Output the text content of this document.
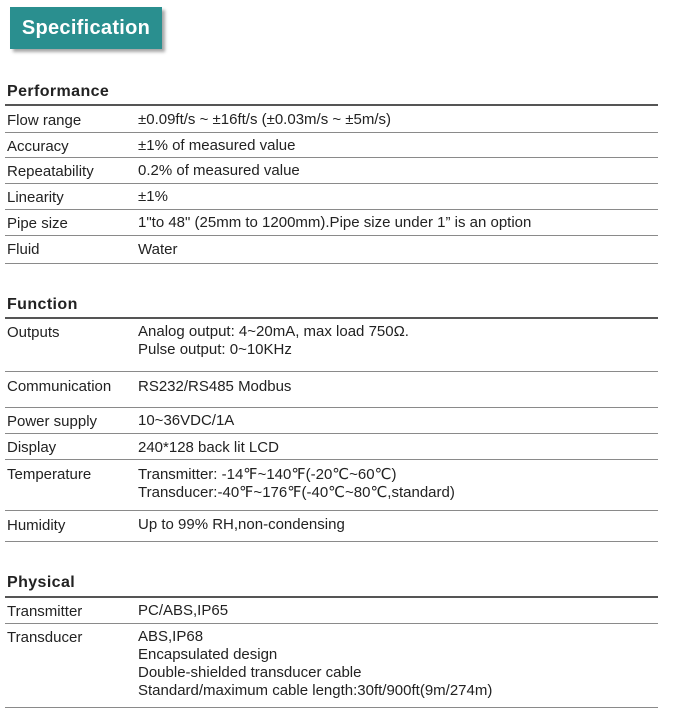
Specification
Performance
Flow range	±0.09ft/s ~ ±16ft/s (±0.03m/s ~ ±5m/s)
Accuracy	±1% of measured value
Repeatability	0.2% of measured value
Linearity	±1%
Pipe size	1"to 48" (25mm to 1200mm).Pipe size under 1” is an option
Fluid	Water
Function
Outputs	Analog output: 4~20mA, max load 750Ω.
Pulse output: 0~10KHz
Communication RS232/RS485 Modbus
Power supply	10~36VDC/1A
Display	240*128 back lit LCD
Temperature	Transmitter: -14℉~140℉(-20℃~60℃)
Transducer:-40℉~176℉(-40℃~80℃,standard)
Humidity	Up to 99% RH,non-condensing
Physical
Transmitter	PC/ABS,IP65
Transducer	ABS,IP68
Encapsulated design
Double-shielded transducer cable
Standard/maximum cable length:30ft/900ft(9m/274m)
